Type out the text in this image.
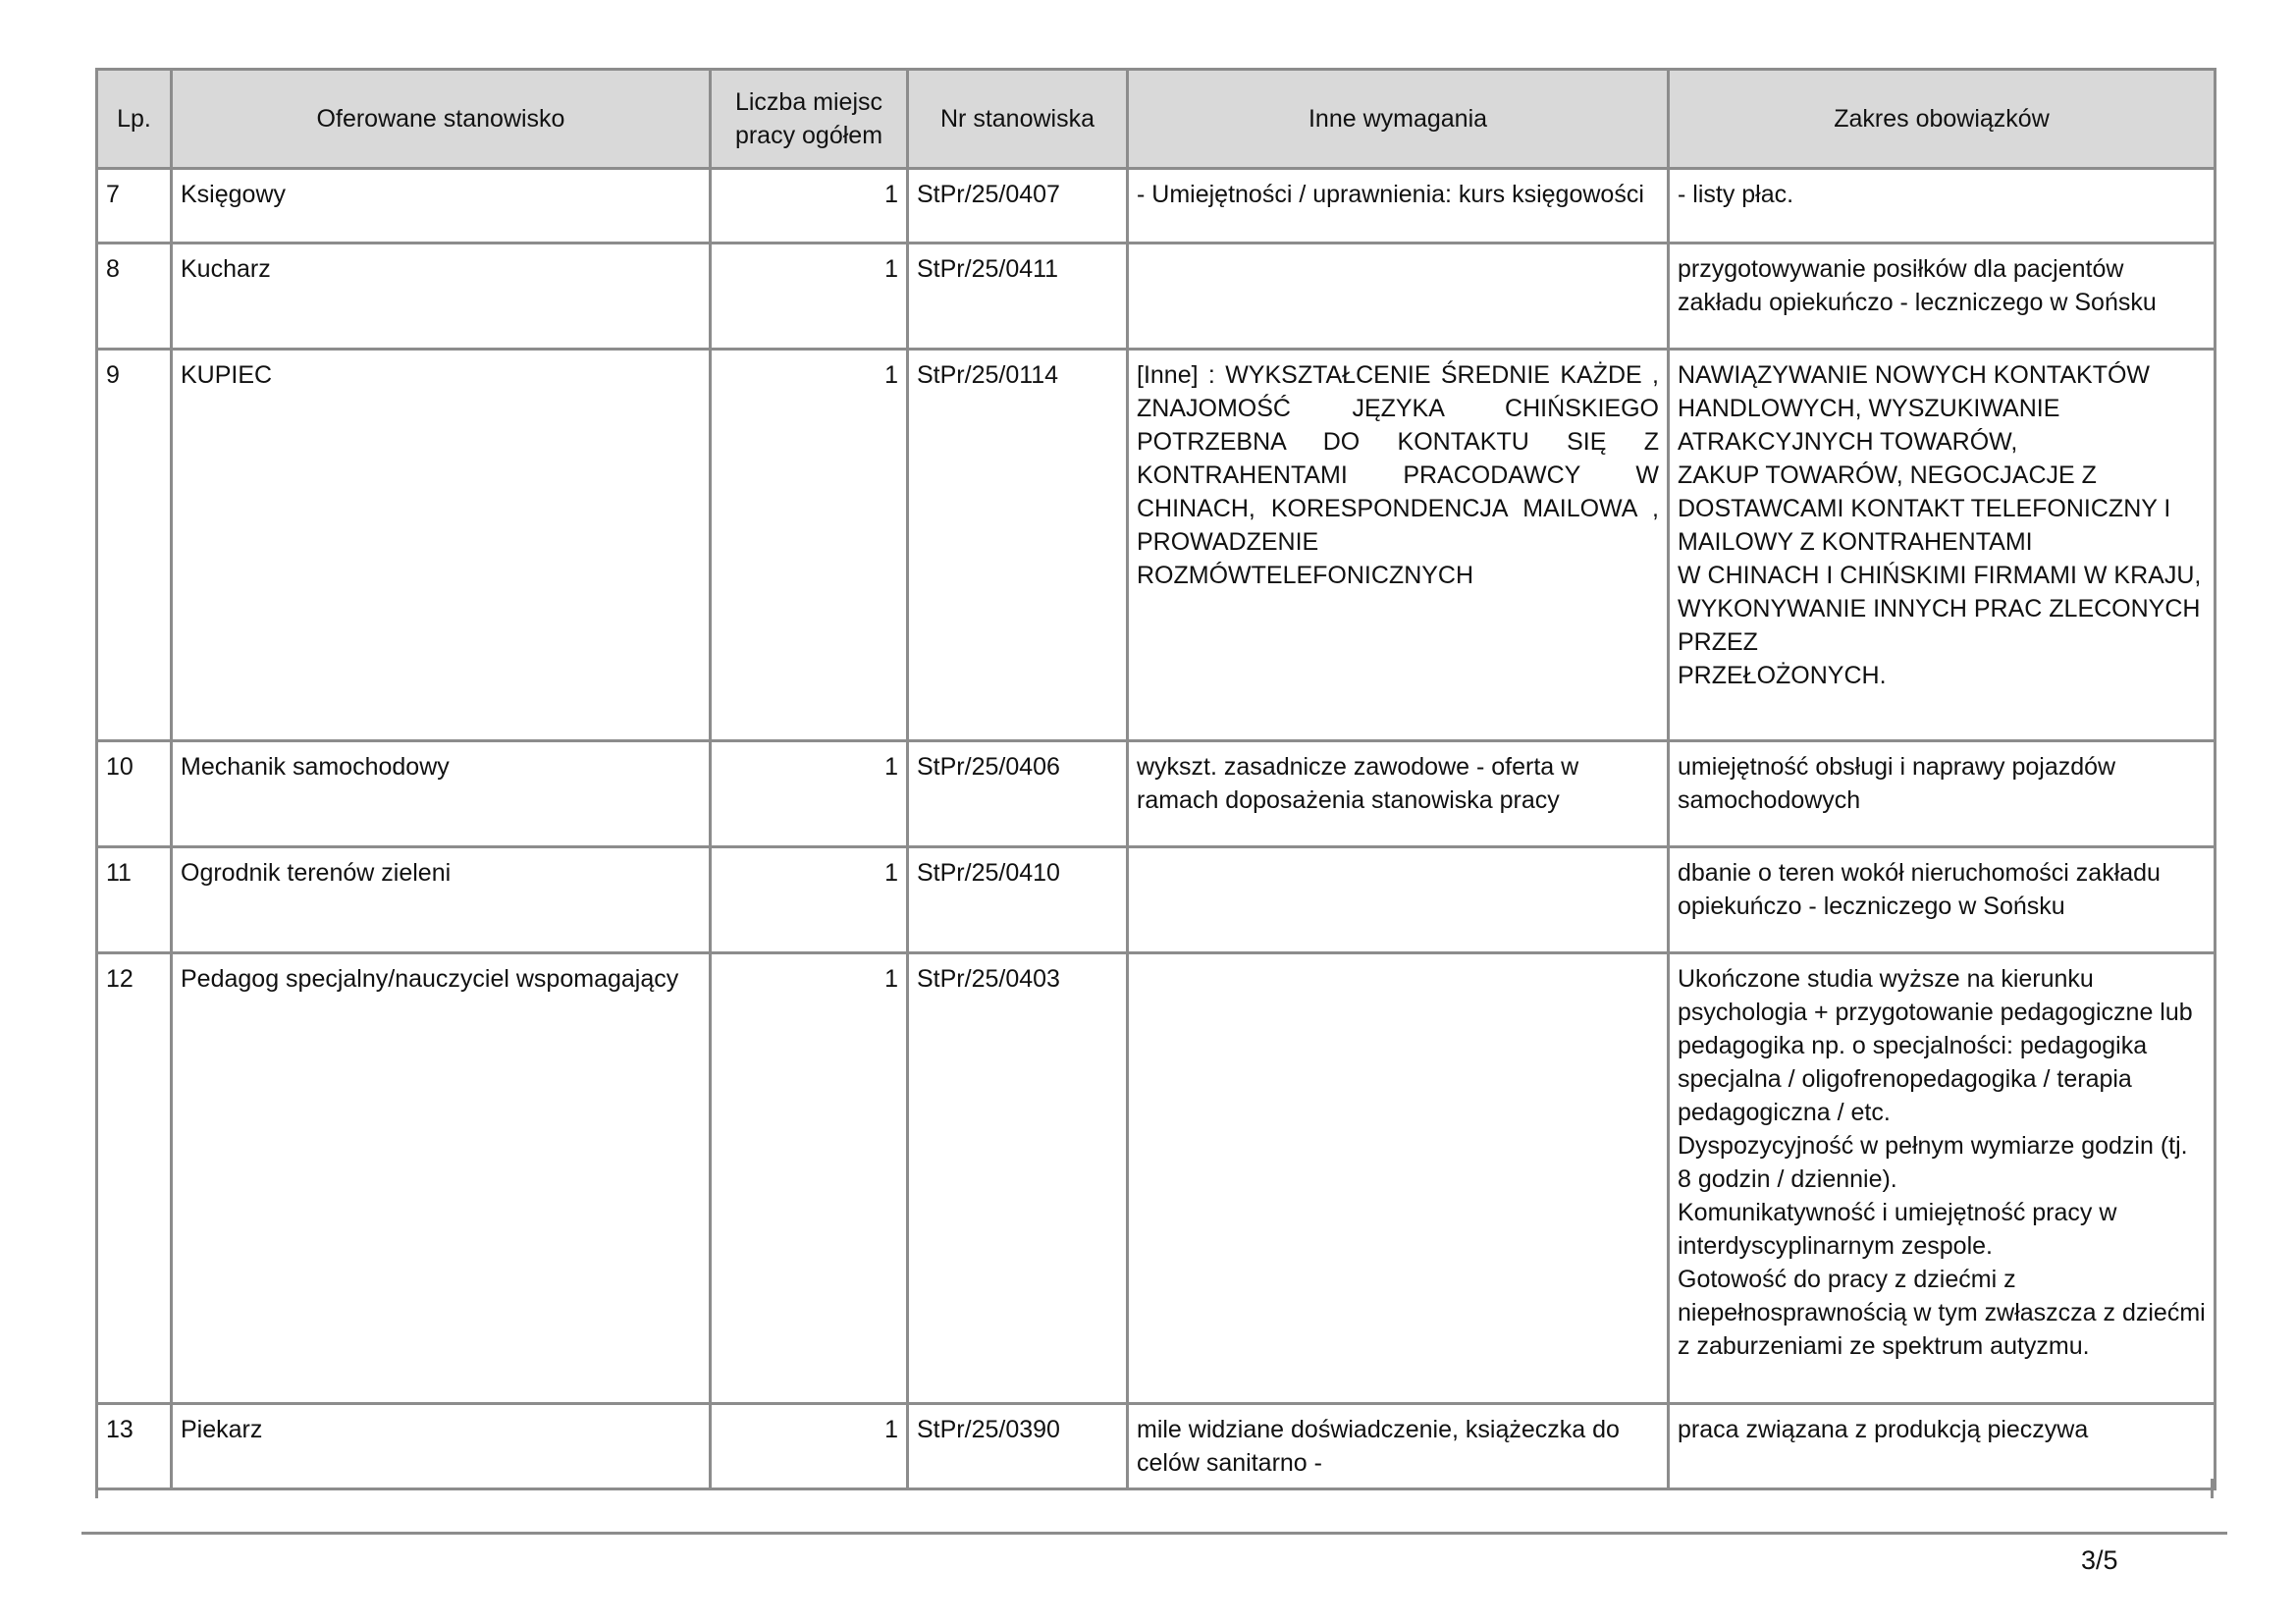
Lp.	Oferowane stanowisko	Liczba miejsc pracy ogółem	Nr stanowiska	Inne wymagania	Zakres obowiązków
7	Księgowy	1	StPr/25/0407	- Umiejętności / uprawnienia: kurs księgowości	- listy płac.
8	Kucharz	1	StPr/25/0411		przygotowywanie posiłków dla pacjentów zakładu opiekuńczo - leczniczego w Sońsku
9	KUPIEC	1	StPr/25/0114	[Inne] : WYKSZTAŁCENIE ŚREDNIE KAŻDE , ZNAJOMOŚĆ JĘZYKA CHIŃSKIEGO POTRZEBNA DO KONTAKTU SIĘ Z KONTRAHENTAMI PRACODAWCY W CHINACH, KORESPONDENCJA MAILOWA , PROWADZENIE ROZMÓWTELEFONICZNYCH	NAWIĄZYWANIE NOWYCH KONTAKTÓW HANDLOWYCH, WYSZUKIWANIE ATRAKCYJNYCH TOWARÓW,
ZAKUP TOWARÓW, NEGOCJACJE Z DOSTAWCAMI KONTAKT TELEFONICZNY I MAILOWY Z KONTRAHENTAMI
W CHINACH I CHIŃSKIMI FIRMAMI W KRAJU, WYKONYWANIE INNYCH PRAC ZLECONYCH PRZEZ
PRZEŁOŻONYCH.
10	Mechanik samochodowy	1	StPr/25/0406	wykszt. zasadnicze zawodowe - oferta w ramach doposażenia stanowiska pracy	umiejętność obsługi i naprawy pojazdów samochodowych
11	Ogrodnik terenów zieleni	1	StPr/25/0410		dbanie o teren wokół nieruchomości zakładu opiekuńczo - leczniczego w Sońsku
12	Pedagog specjalny/nauczyciel wspomagający	1	StPr/25/0403		Ukończone studia wyższe na kierunku psychologia + przygotowanie pedagogiczne lub pedagogika np. o specjalności: pedagogika specjalna / oligofrenopedagogika / terapia pedagogiczna / etc.
Dyspozycyjność w pełnym wymiarze godzin (tj. 8 godzin / dziennie).
Komunikatywność i umiejętność pracy w interdyscyplinarnym zespole.
Gotowość do pracy z dziećmi z niepełnosprawnością w tym zwłaszcza z dziećmi z zaburzeniami ze spektrum autyzmu.
13	Piekarz	1	StPr/25/0390	mile widziane doświadczenie, książeczka do celów sanitarno -	praca związana z produkcją pieczywa
3/5
